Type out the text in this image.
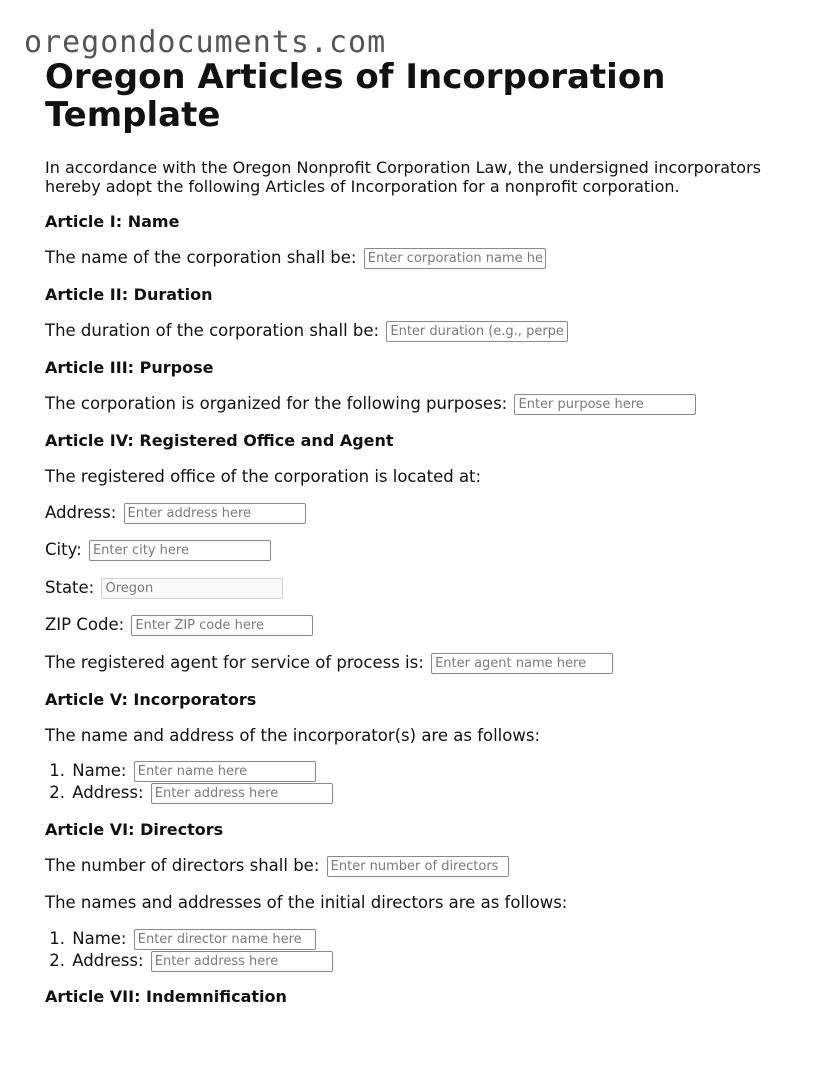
oregondocuments.com
Oregon Articles of Incorporation Template

In accordance with the Oregon Nonprofit Corporation Law, the undersigned incorporators hereby adopt the following Articles of Incorporation for a nonprofit corporation.

Article I: Name
The name of the corporation shall be: Enter corporation name here
Article II: Duration
The duration of the corporation shall be: Enter duration (e.g., perpetual)
Article III: Purpose
The corporation is organized for the following purposes: Enter purpose here
Article IV: Registered Office and Agent
The registered office of the corporation is located at:
Address: Enter address here
City: Enter city here
State: Oregon
ZIP Code: Enter ZIP code here
The registered agent for service of process is: Enter agent name here
Article V: Incorporators
The name and address of the incorporator(s) are as follows:
1. Name: Enter name here
2. Address: Enter address here
Article VI: Directors
The number of directors shall be: Enter number of directors
The names and addresses of the initial directors are as follows:
1. Name: Enter director name here
2. Address: Enter address here
Article VII: Indemnification
